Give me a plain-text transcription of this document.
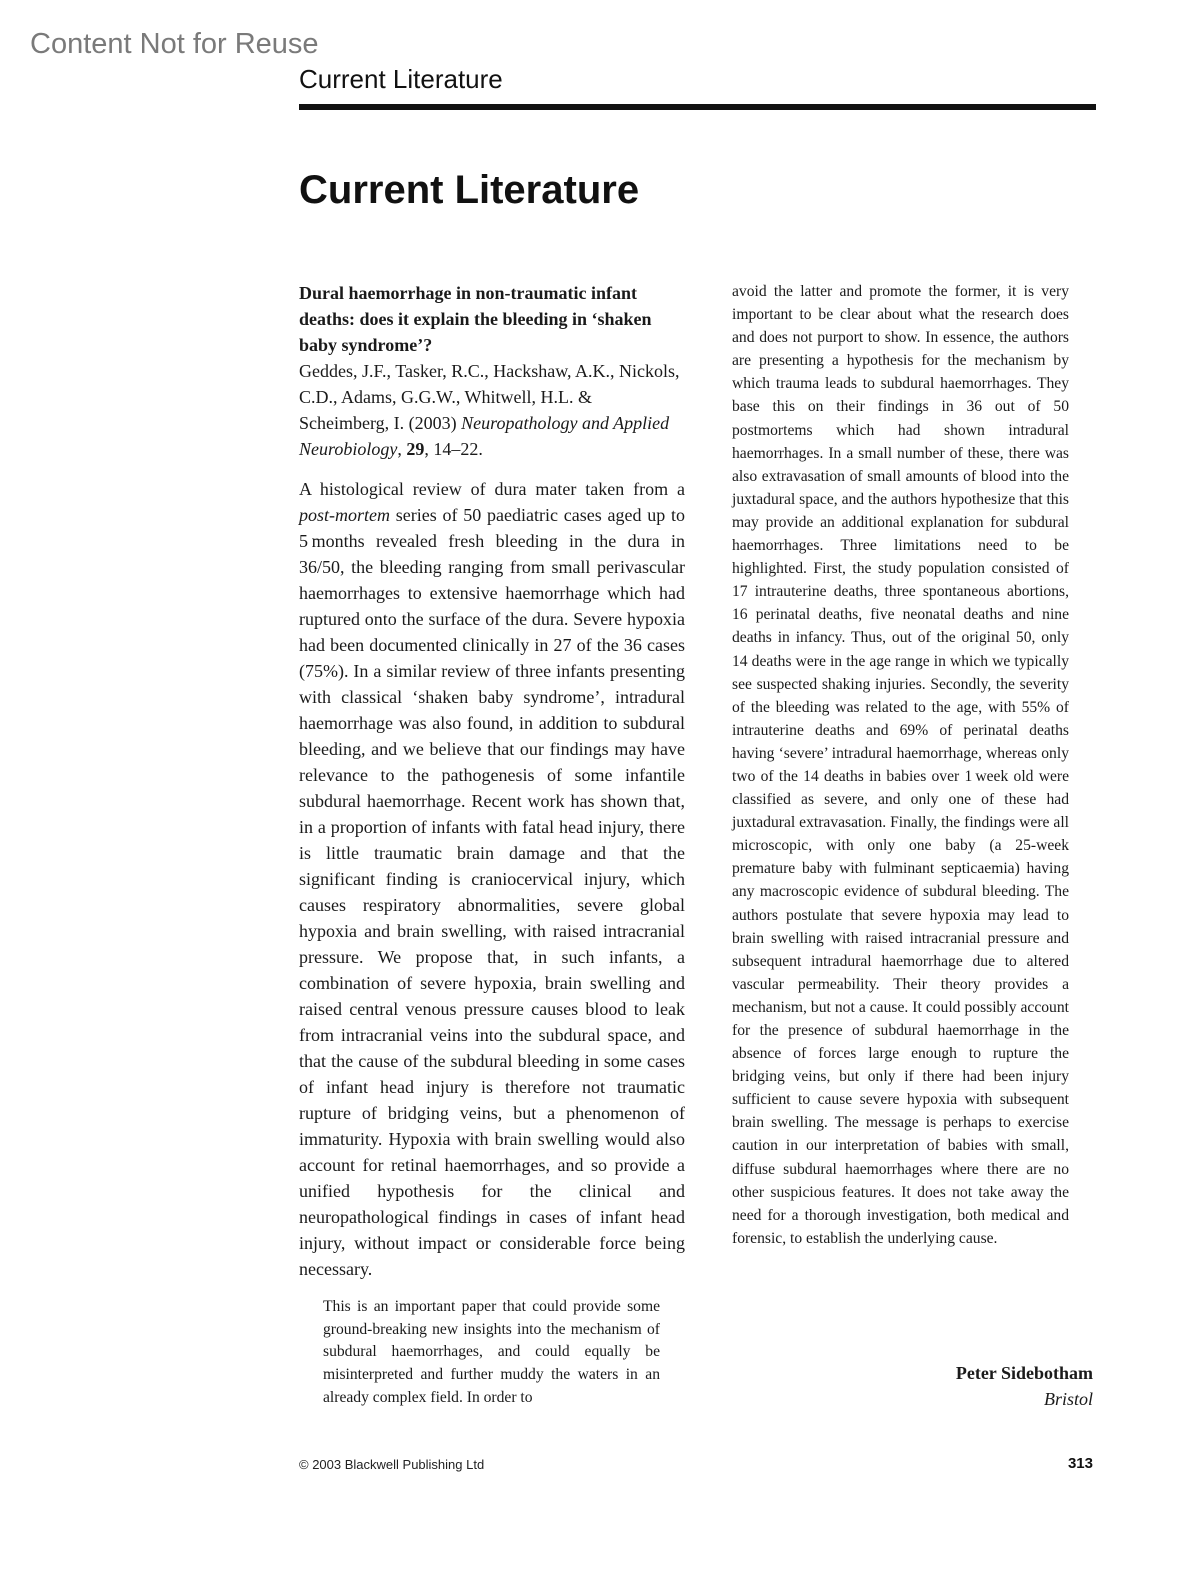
Content Not for Reuse
Current Literature
Current Literature

Dural haemorrhage in non-traumatic infant deaths: does it explain the bleeding in ‘shaken baby syndrome’?

Geddes, J.F., Tasker, R.C., Hackshaw, A.K., Nickols, C.D., Adams, G.G.W., Whitwell, H.L. & Scheimberg, I. (2003) Neuropathology and Applied Neurobiology, 29, 14–22.

A histological review of dura mater taken from a post-mortem series of 50 paediatric cases aged up to 5 months revealed fresh bleeding in the dura in 36/50, the bleeding ranging from small perivascular haemorrhages to extensive haemorrhage which had ruptured onto the surface of the dura. Severe hypoxia had been documented clinically in 27 of the 36 cases (75%). In a similar review of three infants presenting with classical ‘shaken baby syndrome’, intradural haemorrhage was also found, in addition to subdural bleeding, and we believe that our findings may have relevance to the pathogenesis of some infantile subdural haemorrhage. Recent work has shown that, in a proportion of infants with fatal head injury, there is little traumatic brain damage and that the significant finding is craniocervical injury, which causes respiratory abnormalities, severe global hypoxia and brain swelling, with raised intracranial pressure. We propose that, in such infants, a combination of severe hypoxia, brain swelling and raised central venous pressure causes blood to leak from intracranial veins into the subdural space, and that the cause of the subdural bleeding in some cases of infant head injury is therefore not traumatic rupture of bridging veins, but a phenomenon of immaturity. Hypoxia with brain swelling would also account for retinal haemorrhages, and so provide a unified hypothesis for the clinical and neuropathological findings in cases of infant head injury, without impact or considerable force being necessary.

This is an important paper that could provide some ground-breaking new insights into the mechanism of subdural haemorrhages, and could equally be misinterpreted and further muddy the waters in an already complex field. In order to

avoid the latter and promote the former, it is very important to be clear about what the research does and does not purport to show. In essence, the authors are presenting a hypothesis for the mechanism by which trauma leads to subdural haemorrhages. They base this on their findings in 36 out of 50 postmortems which had shown intradural haemorrhages. In a small number of these, there was also extravasation of small amounts of blood into the juxtadural space, and the authors hypothesize that this may provide an additional explanation for subdural haemorrhages. Three limitations need to be highlighted. First, the study population consisted of 17 intrauterine deaths, three spontaneous abortions, 16 perinatal deaths, five neonatal deaths and nine deaths in infancy. Thus, out of the original 50, only 14 deaths were in the age range in which we typically see suspected shaking injuries. Secondly, the severity of the bleeding was related to the age, with 55% of intrauterine deaths and 69% of perinatal deaths having ‘severe’ intradural haemorrhage, whereas only two of the 14 deaths in babies over 1 week old were classified as severe, and only one of these had juxtadural extravasation. Finally, the findings were all microscopic, with only one baby (a 25-week premature baby with fulminant septicaemia) having any macroscopic evidence of subdural bleeding. The authors postulate that severe hypoxia may lead to brain swelling with raised intracranial pressure and subsequent intradural haemorrhage due to altered vascular permeability. Their theory provides a mechanism, but not a cause. It could possibly account for the presence of subdural haemorrhage in the absence of forces large enough to rupture the bridging veins, but only if there had been injury sufficient to cause severe hypoxia with subsequent brain swelling. The message is perhaps to exercise caution in our interpretation of babies with small, diffuse subdural haemorrhages where there are no other suspicious features. It does not take away the need for a thorough investigation, both medical and forensic, to establish the underlying cause.

Peter Sidebotham
Bristol
© 2003 Blackwell Publishing Ltd	313
